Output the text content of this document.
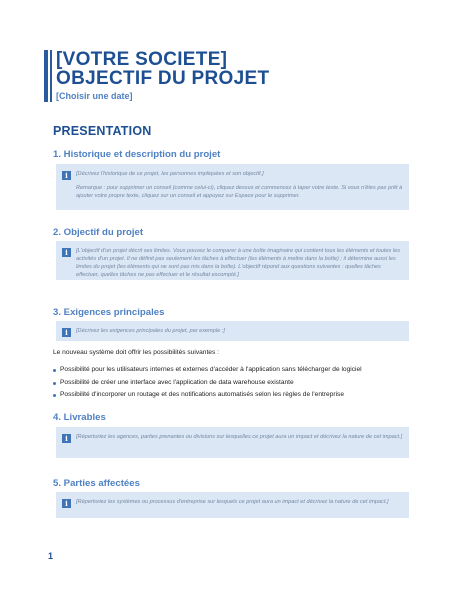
[VOTRE SOCIETE]
OBJECTIF DU PROJET
[Choisir une date]
PRESENTATION
1. Historique et description du projet
i	[Décrivez l'historique de ce projet, les personnes impliquées et son objectif.]
Remarque : pour supprimer un conseil (comme celui-ci), cliquez dessus et commencez à taper votre texte. Si vous n'êtes pas prêt à ajouter votre propre texte, cliquez sur un conseil et appuyez sur Espace pour le supprimer.
2. Objectif du projet
i	[L'objectif d'un projet décrit ses limites. Vous pouvez le comparer à une boîte imaginaire qui contient tous les éléments et toutes les activités d'un projet. Il ne définit pas seulement les tâches à effectuer (les éléments à mettre dans la boîte) ; il détermine aussi les limites du projet (les éléments qui ne sont pas mis dans la boîte). L'objectif répond aux questions suivantes : quelles tâches effectuer, quelles tâches ne pas effectuer et le résultat escompté.]
3. Exigences principales
i	[Décrivez les exigences principales du projet, par exemple :]
Le nouveau système doit offrir les possibilités suivantes :
Possibilité pour les utilisateurs internes et externes d'accéder à l'application sans télécharger de logiciel
Possibilité de créer une interface avec l'application de data warehouse existante
Possibilité d'incorporer un routage et des notifications automatisés selon les règles de l'entreprise
4. Livrables
i	[Répertoriez les agences, parties prenantes ou divisions sur lesquelles ce projet aura un impact et décrivez la nature de cet impact.]
5. Parties affectées
i	[Répertoriez les systèmes ou processus d'entreprise sur lesquels ce projet aura un impact et décrivez la nature de cet impact.]
1
